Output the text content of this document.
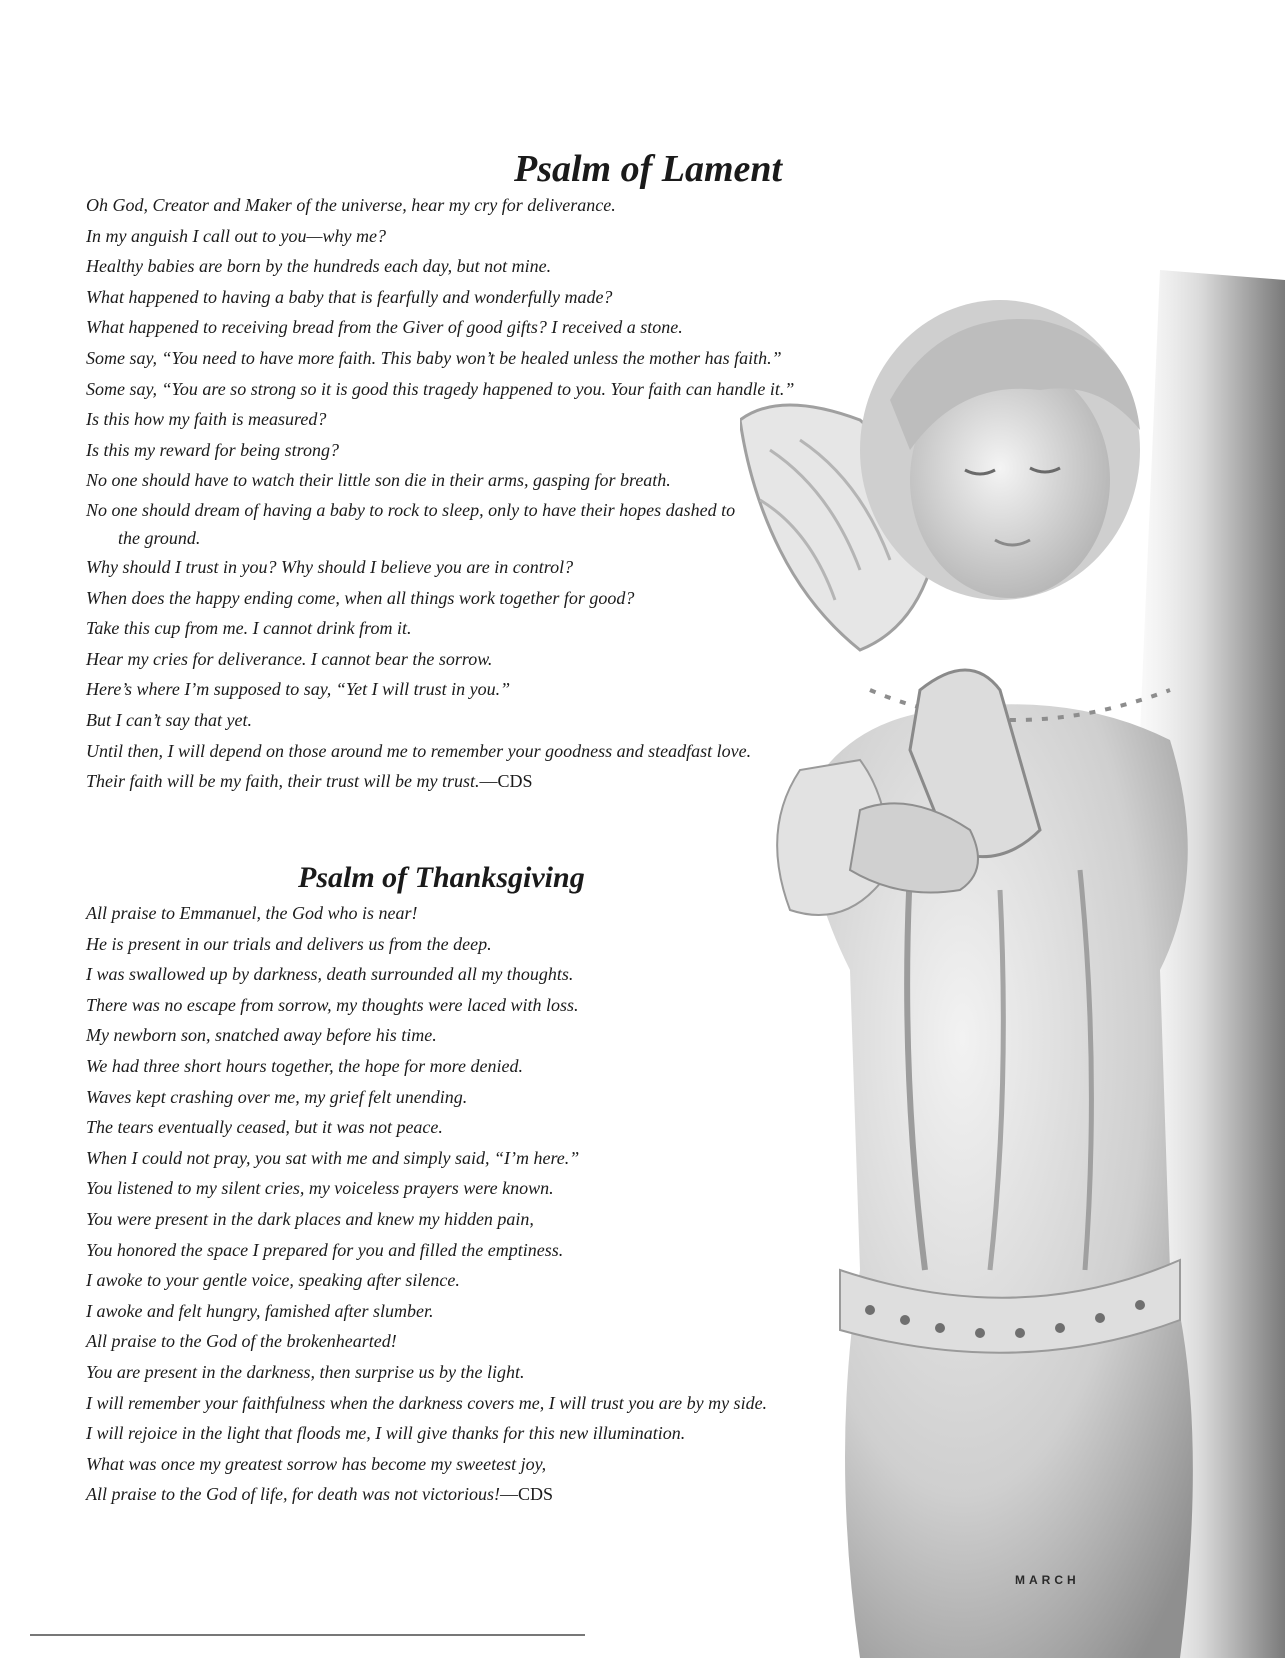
Psalm of Lament
Oh God, Creator and Maker of the universe, hear my cry for deliverance.
In my anguish I call out to you—why me?
Healthy babies are born by the hundreds each day, but not mine.
What happened to having a baby that is fearfully and wonderfully made?
What happened to receiving bread from the Giver of good gifts? I received a stone.
Some say, “You need to have more faith. This baby won’t be healed unless the mother has faith.”
Some say, “You are so strong so it is good this tragedy happened to you. Your faith can handle it.”
Is this how my faith is measured?
Is this my reward for being strong?
No one should have to watch their little son die in their arms, gasping for breath.
No one should dream of having a baby to rock to sleep, only to have their hopes dashed to
the ground.
Why should I trust in you? Why should I believe you are in control?
When does the happy ending come, when all things work together for good?
Take this cup from me. I cannot drink from it.
Hear my cries for deliverance. I cannot bear the sorrow.
Here’s where I’m supposed to say, “Yet I will trust in you.”
But I can’t say that yet.
Until then, I will depend on those around me to remember your goodness and steadfast love.
Their faith will be my faith, their trust will be my trust.—CDS
Psalm of Thanksgiving
All praise to Emmanuel, the God who is near!
He is present in our trials and delivers us from the deep.
I was swallowed up by darkness, death surrounded all my thoughts.
There was no escape from sorrow, my thoughts were laced with loss.
My newborn son, snatched away before his time.
We had three short hours together, the hope for more denied.
Waves kept crashing over me, my grief felt unending.
The tears eventually ceased, but it was not peace.
When I could not pray, you sat with me and simply said, “I’m here.”
You listened to my silent cries, my voiceless prayers were known.
You were present in the dark places and knew my hidden pain,
You honored the space I prepared for you and filled the emptiness.
I awoke to your gentle voice, speaking after silence.
I awoke and felt hungry, famished after slumber.
All praise to the God of the brokenhearted!
You are present in the darkness, then surprise us by the light.
I will remember your faithfulness when the darkness covers me, I will trust you are by my side.
I will rejoice in the light that floods me, I will give thanks for this new illumination.
What was once my greatest sorrow has become my sweetest joy,
All praise to the God of life, for death was not victorious!—CDS
MARCH
